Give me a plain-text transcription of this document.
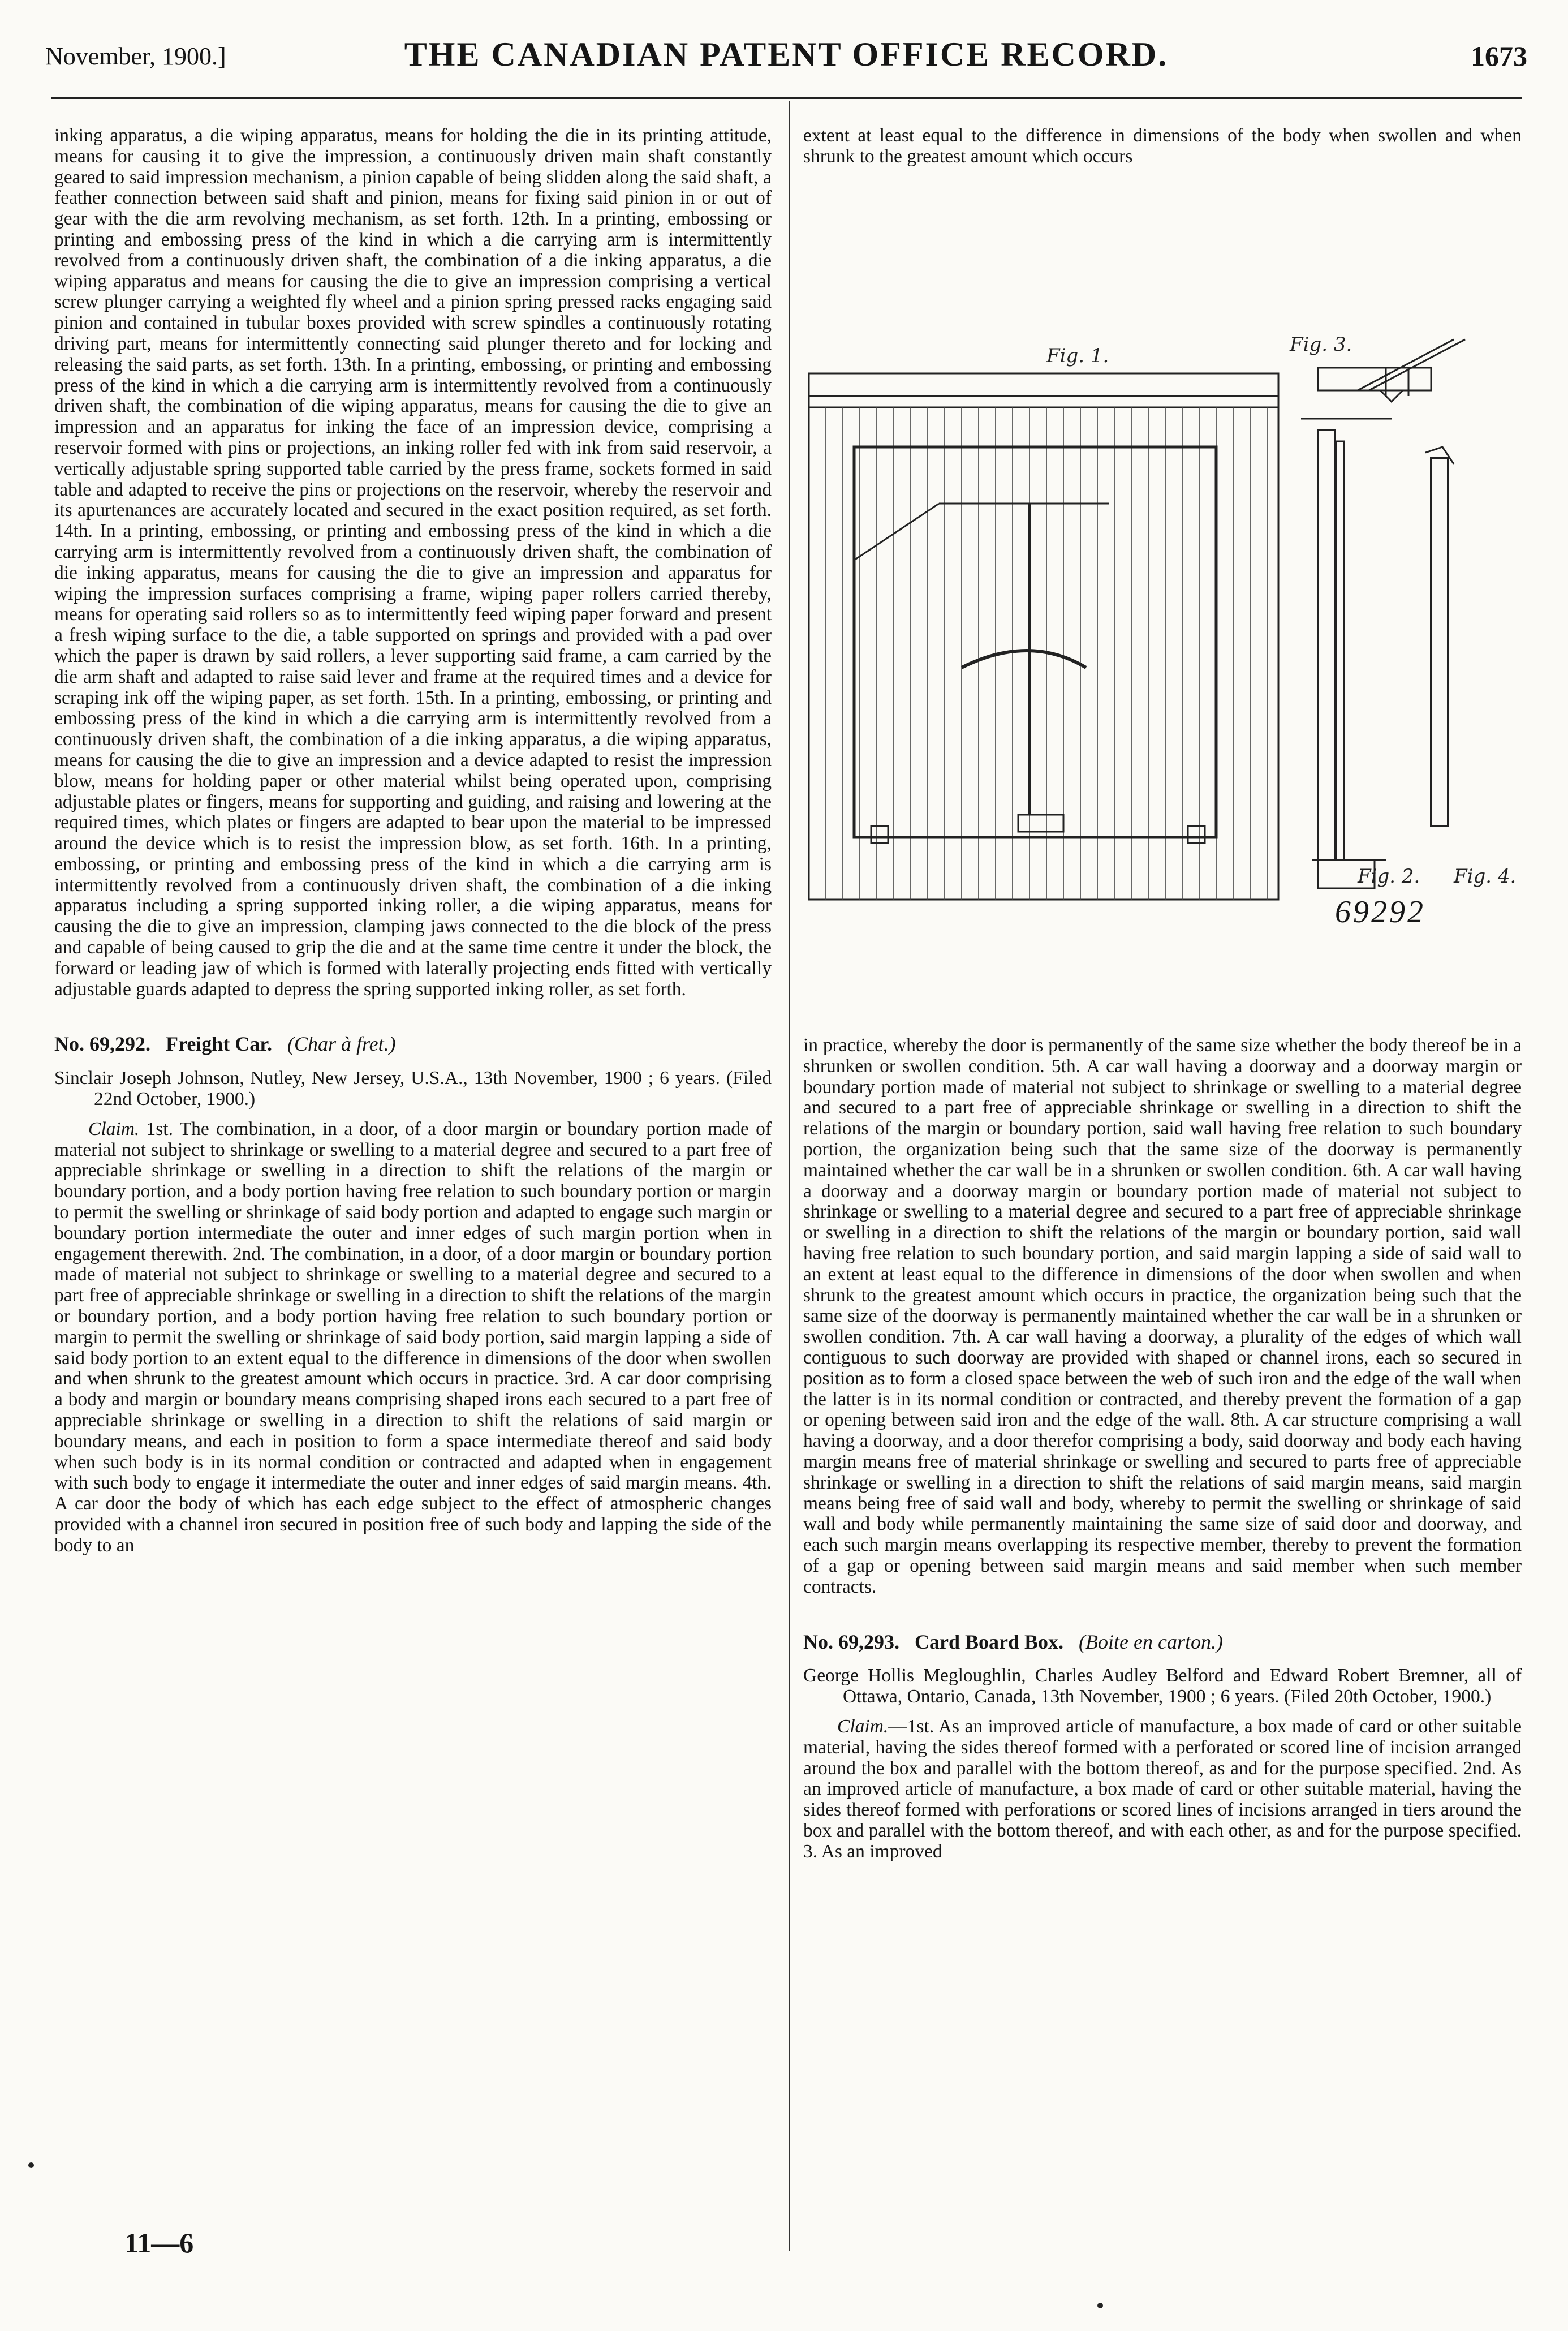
November, 1900.]	THE CANADIAN PATENT OFFICE RECORD.	1673

inking apparatus, a die wiping apparatus, means for holding the die in its printing attitude, means for causing it to give the impression, a continuously driven main shaft constantly geared to said impression mechanism, a pinion capable of being slidden along the said shaft, a feather connection between said shaft and pinion, means for fixing said pinion in or out of gear with the die arm revolving mechanism, as set forth. 12th. In a printing, embossing or printing and embossing press of the kind in which a die carrying arm is intermittently revolved from a continuously driven shaft, the combination of a die inking apparatus, a die wiping apparatus and means for causing the die to give an impression comprising a vertical screw plunger carrying a weighted fly wheel and a pinion spring pressed racks engaging said pinion and contained in tubular boxes provided with screw spindles a continuously rotating driving part, means for intermittently connecting said plunger thereto and for locking and releasing the said parts, as set forth. 13th. In a printing, embossing, or printing and embossing press of the kind in which a die carrying arm is intermittently revolved from a continuously driven shaft, the combination of die wiping apparatus, means for causing the die to give an impression and an apparatus for inking the face of an impression device, comprising a reservoir formed with pins or projections, an inking roller fed with ink from said reservoir, a vertically adjustable spring supported table carried by the press frame, sockets formed in said table and adapted to receive the pins or projections on the reservoir, whereby the reservoir and its apurtenances are accurately located and secured in the exact position required, as set forth. 14th. In a printing, embossing, or printing and embossing press of the kind in which a die carrying arm is intermittently revolved from a continuously driven shaft, the combination of die inking apparatus, means for causing the die to give an impression and apparatus for wiping the impression surfaces comprising a frame, wiping paper rollers carried thereby, means for operating said rollers so as to intermittently feed wiping paper forward and present a fresh wiping surface to the die, a table supported on springs and provided with a pad over which the paper is drawn by said rollers, a lever supporting said frame, a cam carried by the die arm shaft and adapted to raise said lever and frame at the required times and a device for scraping ink off the wiping paper, as set forth. 15th. In a printing, embossing, or printing and embossing press of the kind in which a die carrying arm is intermittently revolved from a continuously driven shaft, the combination of a die inking apparatus, a die wiping apparatus, means for causing the die to give an impression and a device adapted to resist the impression blow, means for holding paper or other material whilst being operated upon, comprising adjustable plates or fingers, means for supporting and guiding, and raising and lowering at the required times, which plates or fingers are adapted to bear upon the material to be impressed around the device which is to resist the impression blow, as set forth. 16th. In a printing, embossing, or printing and embossing press of the kind in which a die carrying arm is intermittently revolved from a continuously driven shaft, the combination of a die inking apparatus including a spring supported inking roller, a die wiping apparatus, means for causing the die to give an impression, clamping jaws connected to the die block of the press and capable of being caused to grip the die and at the same time centre it under the block, the forward or leading jaw of which is formed with laterally projecting ends fitted with vertically adjustable guards adapted to depress the spring supported inking roller, as set forth.

No. 69,292. Freight Car. (Char à fret.)

Sinclair Joseph Johnson, Nutley, New Jersey, U.S.A., 13th November, 1900 ; 6 years. (Filed 22nd October, 1900.)

Claim. 1st. The combination, in a door, of a door margin or boundary portion made of material not subject to shrinkage or swelling to a material degree and secured to a part free of appreciable shrinkage or swelling in a direction to shift the relations of the margin or boundary portion, and a body portion having free relation to such boundary portion or margin to permit the swelling or shrinkage of said body portion and adapted to engage such margin or boundary portion intermediate the outer and inner edges of such margin portion when in engagement therewith. 2nd. The combination, in a door, of a door margin or boundary portion made of material not subject to shrinkage or swelling to a material degree and secured to a part free of appreciable shrinkage or swelling in a direction to shift the relations of the margin or boundary portion, and a body portion having free relation to such boundary portion or margin to permit the swelling or shrinkage of said body portion, said margin lapping a side of said body portion to an extent equal to the difference in dimensions of the door when swollen and when shrunk to the greatest amount which occurs in practice. 3rd. A car door comprising a body and margin or boundary means comprising shaped irons each secured to a part free of appreciable shrinkage or swelling in a direction to shift the relations of said margin or boundary means, and each in position to form a space intermediate thereof and said body when such body is in its normal condition or contracted and adapted when in engagement with such body to engage it intermediate the outer and inner edges of said margin means. 4th. A car door the body of which has each edge subject to the effect of atmospheric changes provided with a channel iron secured in position free of such body and lapping the side of the body to an

11—6

extent at least equal to the difference in dimensions of the body when swollen and when shrunk to the greatest amount which occurs

Fig. 1.	Fig. 3.
Fig. 2. Fig. 4.
69292

in practice, whereby the door is permanently of the same size whether the body thereof be in a shrunken or swollen condition. 5th. A car wall having a doorway and a doorway margin or boundary portion made of material not subject to shrinkage or swelling to a material degree and secured to a part free of appreciable shrinkage or swelling in a direction to shift the relations of the margin or boundary portion, said wall having free relation to such boundary portion, the organization being such that the same size of the doorway is permanently maintained whether the car wall be in a shrunken or swollen condition. 6th. A car wall having a doorway and a doorway margin or boundary portion made of material not subject to shrinkage or swelling to a material degree and secured to a part free of appreciable shrinkage or swelling in a direction to shift the relations of the margin or boundary portion, said wall having free relation to such boundary portion, and said margin lapping a side of said wall to an extent at least equal to the difference in dimensions of the door when swollen and when shrunk to the greatest amount which occurs in practice, the organization being such that the same size of the doorway is permanently maintained whether the car wall be in a shrunken or swollen condition. 7th. A car wall having a doorway, a plurality of the edges of which wall contiguous to such doorway are provided with shaped or channel irons, each so secured in position as to form a closed space between the web of such iron and the edge of the wall when the latter is in its normal condition or contracted, and thereby prevent the formation of a gap or opening between said iron and the edge of the wall. 8th. A car structure comprising a wall having a doorway, and a door therefor comprising a body, said doorway and body each having margin means free of material shrinkage or swelling and secured to parts free of appreciable shrinkage or swelling in a direction to shift the relations of said margin means, said margin means being free of said wall and body, whereby to permit the swelling or shrinkage of said wall and body while permanently maintaining the same size of said door and doorway, and each such margin means overlapping its respective member, thereby to prevent the formation of a gap or opening between said margin means and said member when such member contracts.

No. 69,293. Card Board Box. (Boite en carton.)

George Hollis Megloughlin, Charles Audley Belford and Edward Robert Bremner, all of Ottawa, Ontario, Canada, 13th November, 1900 ; 6 years. (Filed 20th October, 1900.)

Claim.—1st. As an improved article of manufacture, a box made of card or other suitable material, having the sides thereof formed with a perforated or scored line of incision arranged around the box and parallel with the bottom thereof, as and for the purpose specified. 2nd. As an improved article of manufacture, a box made of card or other suitable material, having the sides thereof formed with perforations or scored lines of incisions arranged in tiers around the box and parallel with the bottom thereof, and with each other, as and for the purpose specified. 3. As an improved
